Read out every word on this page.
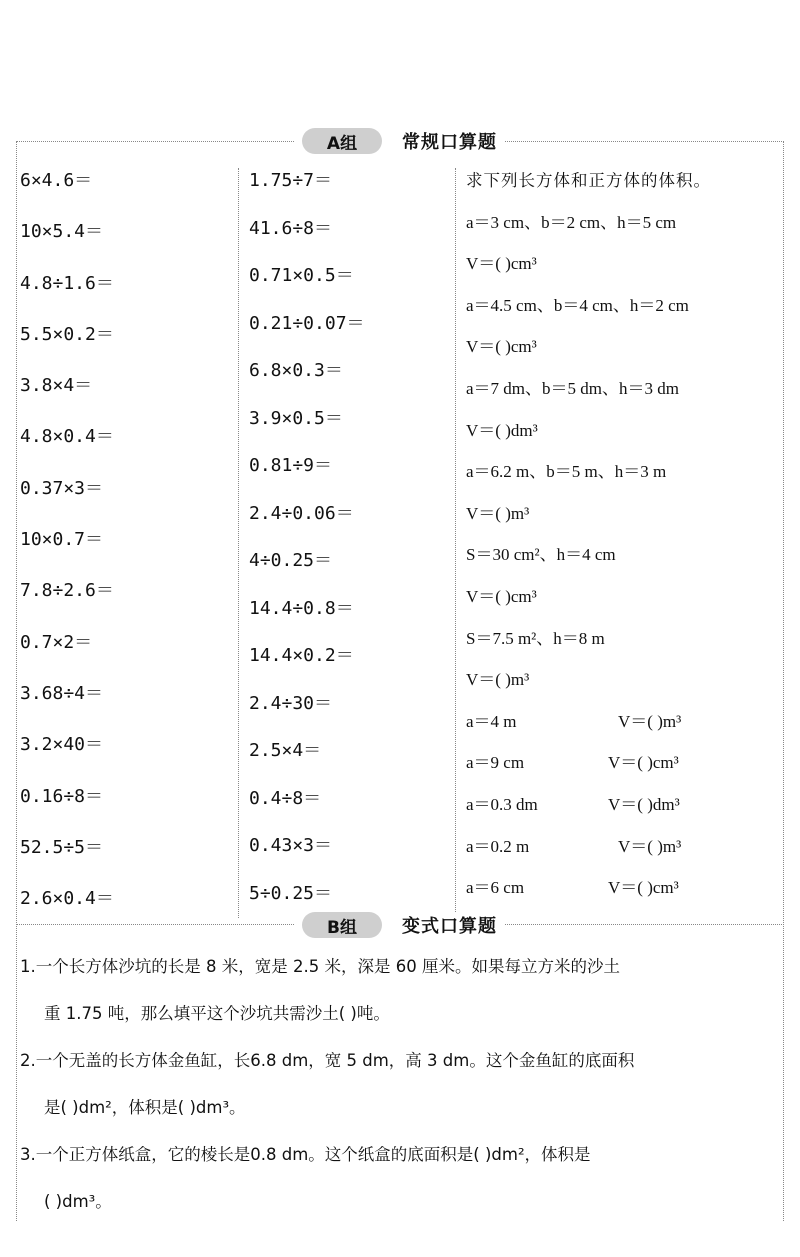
A组	常规口算题
6×4.6＝
10×5.4＝
4.8÷1.6＝
5.5×0.2＝
3.8×4＝
4.8×0.4＝
0.37×3＝
10×0.7＝
7.8÷2.6＝
0.7×2＝
3.68÷4＝
3.2×40＝
0.16÷8＝
52.5÷5＝
2.6×0.4＝
1.75÷7＝
41.6÷8＝
0.71×0.5＝
0.21÷0.07＝
6.8×0.3＝
3.9×0.5＝
0.81÷9＝
2.4÷0.06＝
4÷0.25＝
14.4÷0.8＝
14.4×0.2＝
2.4÷30＝
2.5×4＝
0.4÷8＝
0.43×3＝
5÷0.25＝
求下列长方体和正方体的体积。
a＝3 cm、b＝2 cm、h＝5 cm
V＝( )cm³
a＝4.5 cm、b＝4 cm、h＝2 cm
V＝( )cm³
a＝7 dm、b＝5 dm、h＝3 dm
V＝( )dm³
a＝6.2 m、b＝5 m、h＝3 m
V＝( )m³
S＝30 cm²、h＝4 cm
V＝( )cm³
S＝7.5 m²、h＝8 m
V＝( )m³
a＝4 m	V＝( )m³
a＝9 cm	V＝( )cm³
a＝0.3 dm	V＝( )dm³
a＝0.2 m	V＝( )m³
a＝6 cm	V＝( )cm³
B组	变式口算题
1.一个长方体沙坑的长是 8 米，宽是 2.5 米，深是 60 厘米。如果每立方米的沙土
重 1.75 吨，那么填平这个沙坑共需沙土( )吨。
2.一个无盖的长方体金鱼缸，长6.8 dm，宽 5 dm，高 3 dm。这个金鱼缸的底面积
是( )dm²，体积是( )dm³。
3.一个正方体纸盒，它的棱长是0.8 dm。这个纸盒的底面积是( )dm²，体积是
( )dm³。
